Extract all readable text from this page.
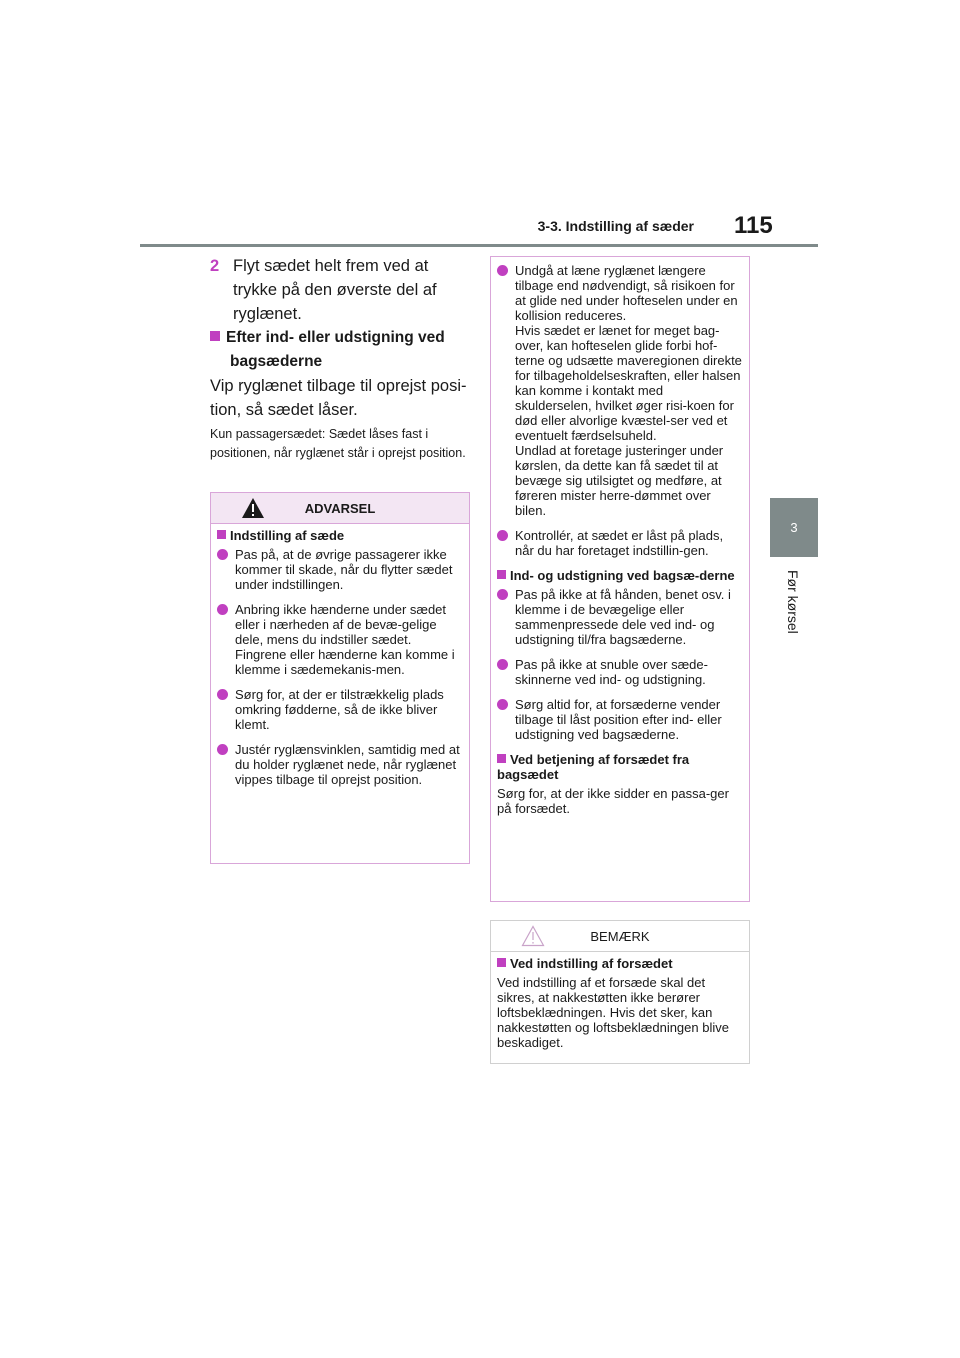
3-3. Indstilling af sæder 115
3
Før kørsel
2 Flyt sædet helt frem ved at trykke på den øverste del af ryglænet.
Efter ind- eller udstigning ved
bagsæderne
Vip ryglænet tilbage til oprejst posi-tion, så sædet låser.
Kun passagersædet: Sædet låses fast i positionen, når ryglænet står i oprejst position.
ADVARSEL
Indstilling af sæde
Pas på, at de øvrige passagerer ikke kommer til skade, når du flytter sædet under indstillingen.
Anbring ikke hænderne under sædet eller i nærheden af de bevæ-gelige dele, mens du indstiller sædet.
Fingrene eller hænderne kan komme i klemme i sædemekanis-men.
Sørg for, at der er tilstrækkelig plads omkring fødderne, så de ikke bliver klemt.
Justér ryglænsvinklen, samtidig med at du holder ryglænet nede, når ryglænet vippes tilbage til oprejst position.
Undgå at læne ryglænet længere tilbage end nødvendigt, så risikoen for at glide ned under hofteselen under en kollision reduceres.
Hvis sædet er lænet for meget bag-over, kan hofteselen glide forbi hof-terne og udsætte maveregionen direkte for tilbageholdelseskraften, eller halsen kan komme i kontakt med skulderselen, hvilket øger risi-koen for død eller alvorlige kvæstel-ser ved et eventuelt færdselsuheld.
Undlad at foretage justeringer under kørslen, da dette kan få sædet til at bevæge sig utilsigtet og medføre, at føreren mister herre-dømmet over bilen.
Kontrollér, at sædet er låst på plads, når du har foretaget indstillin-gen.
Ind- og udstigning ved bagsæ-derne
Pas på ikke at få hånden, benet osv. i klemme i de bevægelige eller sammenpressede dele ved ind- og udstigning til/fra bagsæderne.
Pas på ikke at snuble over sæde-skinnerne ved ind- og udstigning.
Sørg altid for, at forsæderne vender tilbage til låst position efter ind- eller udstigning ved bagsæderne.
Ved betjening af forsædet fra bagsædet
Sørg for, at der ikke sidder en passa-ger på forsædet.
BEMÆRK
Ved indstilling af forsædet
Ved indstilling af et forsæde skal det sikres, at nakkestøtten ikke berører loftsbeklædningen. Hvis det sker, kan nakkestøtten og loftsbeklædningen blive beskadiget.
